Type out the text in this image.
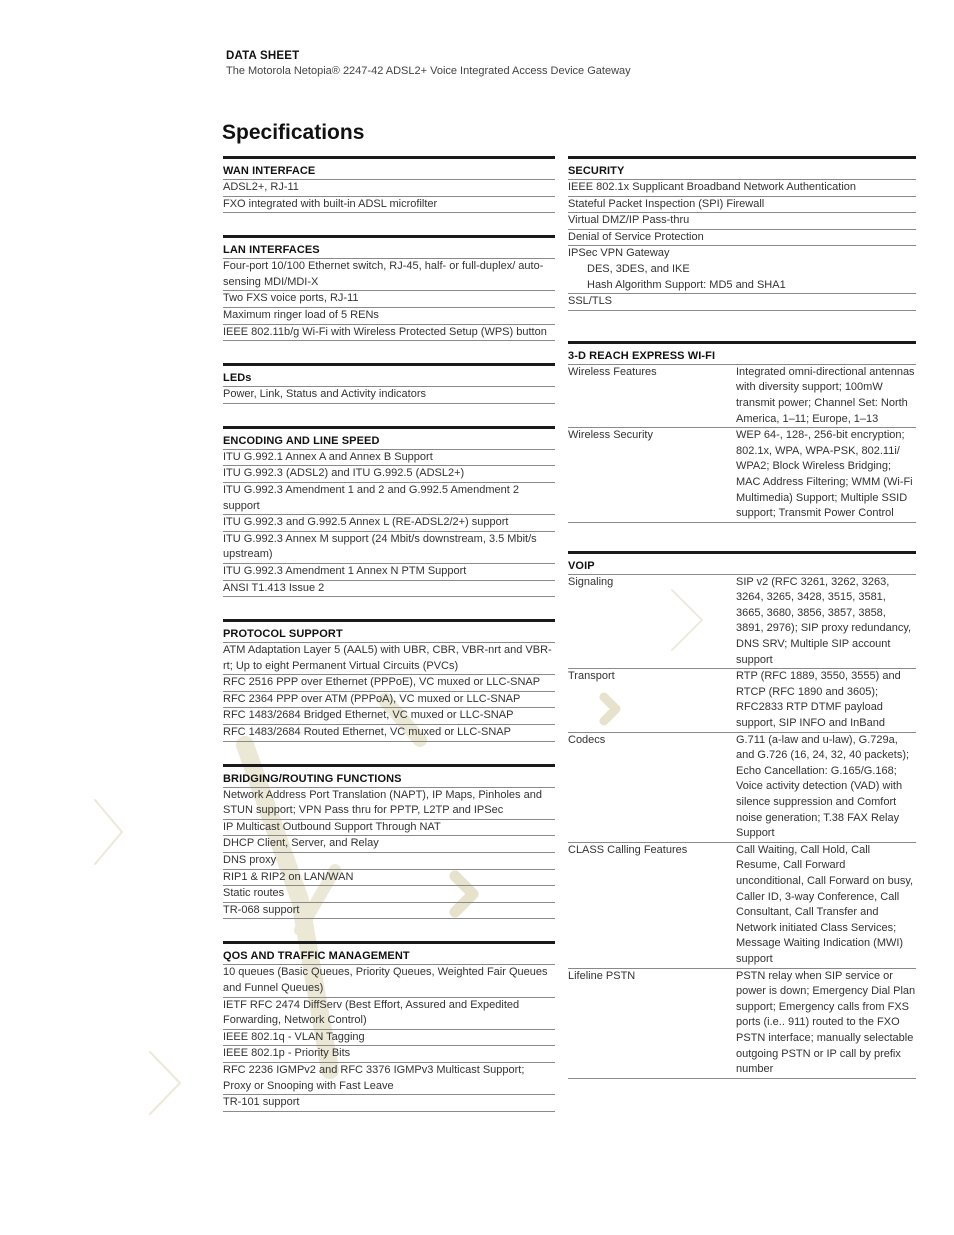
DATA SHEET
The Motorola Netopia® 2247-42 ADSL2+ Voice Integrated Access Device Gateway
Specifications
WAN INTERFACE
ADSL2+, RJ-11
FXO integrated with built-in ADSL microfilter
LAN INTERFACES
Four-port 10/100 Ethernet switch, RJ-45, half- or full-duplex/ auto-sensing MDI/MDI-X
Two FXS voice ports, RJ-11
Maximum ringer load of 5 RENs
IEEE 802.11b/g Wi-Fi with Wireless Protected Setup (WPS) button
LEDs
Power, Link, Status and Activity indicators
ENCODING AND LINE SPEED
ITU G.992.1 Annex A and Annex B Support
ITU G.992.3 (ADSL2) and ITU G.992.5 (ADSL2+)
ITU G.992.3 Amendment 1 and 2 and G.992.5 Amendment 2 support
ITU G.992.3 and G.992.5 Annex L (RE-ADSL2/2+) support
ITU G.992.3 Annex M support (24 Mbit/s downstream, 3.5 Mbit/s upstream)
ITU G.992.3 Amendment 1 Annex N PTM Support
ANSI T1.413 Issue 2
PROTOCOL SUPPORT
ATM Adaptation Layer 5 (AAL5) with UBR, CBR, VBR-nrt and VBR-rt; Up to eight Permanent Virtual Circuits (PVCs)
RFC 2516 PPP over Ethernet (PPPoE), VC muxed or LLC-SNAP
RFC 2364 PPP over ATM (PPPoA), VC muxed or LLC-SNAP
RFC 1483/2684 Bridged Ethernet, VC muxed or LLC-SNAP
RFC 1483/2684 Routed Ethernet, VC muxed or LLC-SNAP
BRIDGING/ROUTING FUNCTIONS
Network Address Port Translation (NAPT), IP Maps, Pinholes and STUN support; VPN Pass thru for PPTP, L2TP and IPSec
IP Multicast Outbound Support Through NAT
DHCP Client, Server, and Relay
DNS proxy
RIP1 & RIP2 on LAN/WAN
Static routes
TR-068 support
QOS AND TRAFFIC MANAGEMENT
10 queues (Basic Queues, Priority Queues, Weighted Fair Queues and Funnel Queues)
IETF RFC 2474 DiffServ (Best Effort, Assured and Expedited Forwarding, Network Control)
IEEE 802.1q - VLAN Tagging
IEEE 802.1p - Priority Bits
RFC 2236 IGMPv2 and RFC 3376 IGMPv3 Multicast Support; Proxy or Snooping with Fast Leave
TR-101 support
SECURITY
IEEE 802.1x Supplicant Broadband Network Authentication
Stateful Packet Inspection (SPI) Firewall
Virtual DMZ/IP Pass-thru
Denial of Service Protection
IPSec VPN Gateway
DES, 3DES, and IKE
Hash Algorithm Support: MD5 and SHA1
SSL/TLS
3-D REACH EXPRESS WI-FI
Wireless Features	Integrated omni-directional antennas with diversity support; 100mW transmit power; Channel Set: North America, 1–11; Europe, 1–13
Wireless Security	WEP 64-, 128-, 256-bit encryption; 802.1x, WPA, WPA-PSK, 802.11i/ WPA2; Block Wireless Bridging; MAC Address Filtering; WMM (Wi-Fi Multimedia) Support; Multiple SSID support; Transmit Power Control
VOIP
Signaling	SIP v2 (RFC 3261, 3262, 3263, 3264, 3265, 3428, 3515, 3581, 3665, 3680, 3856, 3857, 3858, 3891, 2976); SIP proxy redundancy, DNS SRV; Multiple SIP account support
Transport	RTP (RFC 1889, 3550, 3555) and RTCP (RFC 1890 and 3605); RFC2833 RTP DTMF payload support, SIP INFO and InBand
Codecs	G.711 (a-law and u-law), G.729a, and G.726 (16, 24, 32, 40 packets); Echo Cancellation: G.165/G.168; Voice activity detection (VAD) with silence suppression and Comfort noise generation; T.38 FAX Relay Support
CLASS Calling Features	Call Waiting, Call Hold, Call Resume, Call Forward unconditional, Call Forward on busy, Caller ID, 3-way Conference, Call Consultant, Call Transfer and Network initiated Class Services; Message Waiting Indication (MWI) support
Lifeline PSTN	PSTN relay when SIP service or power is down; Emergency Dial Plan support; Emergency calls from FXS ports (i.e.. 911) routed to the FXO PSTN interface; manually selectable outgoing PSTN or IP call by prefix number
